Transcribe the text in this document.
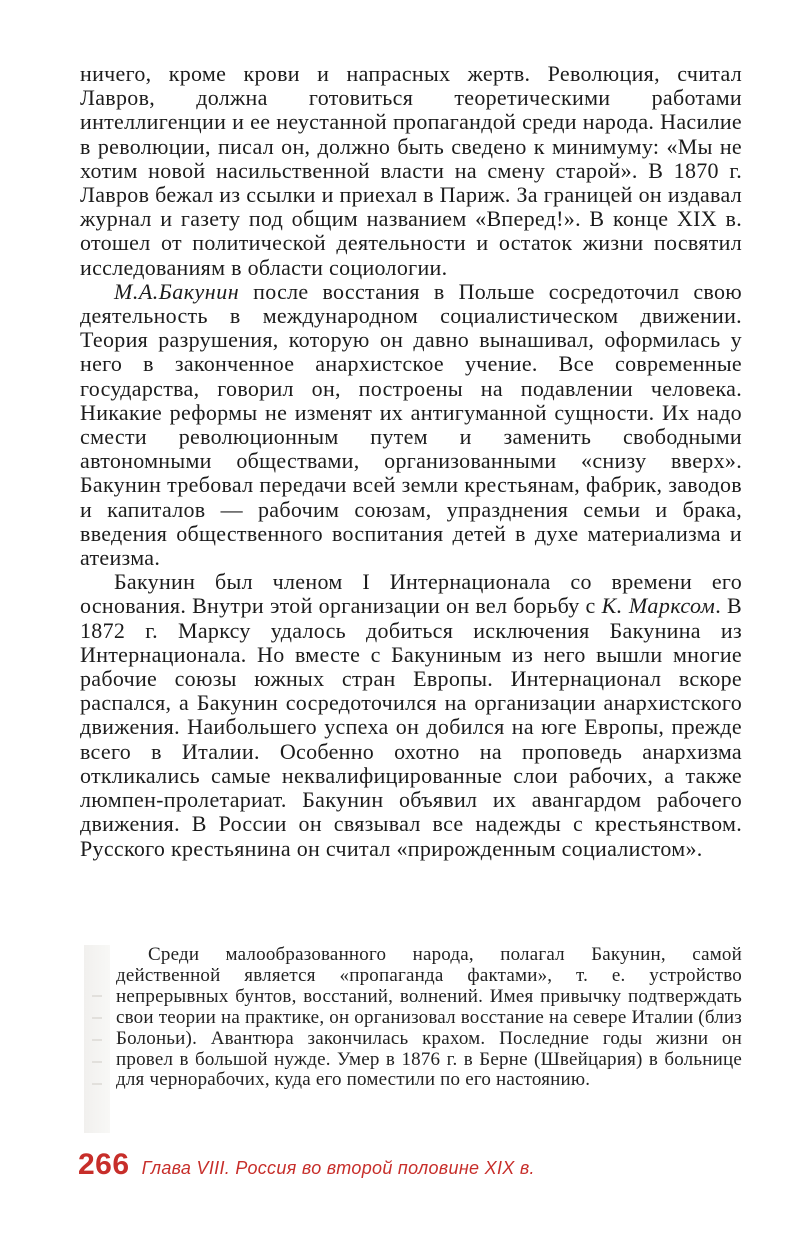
ничего, кроме крови и напрасных жертв. Революция, считал Лавров, должна готовиться теоретическими работами интеллигенции и ее неустанной пропагандой среди народа. Насилие в революции, писал он, должно быть сведено к минимуму: «Мы не хотим новой насильственной власти на смену старой». В 1870 г. Лавров бежал из ссылки и приехал в Париж. За границей он издавал журнал и газету под общим названием «Вперед!». В конце XIX в. отошел от политической деятельности и остаток жизни посвятил исследованиям в области социологии.

М.А.Бакунин после восстания в Польше сосредоточил свою деятельность в международном социалистическом движении. Теория разрушения, которую он давно вынашивал, оформилась у него в законченное анархистское учение. Все современные государства, говорил он, построены на подавлении человека. Никакие реформы не изменят их антигуманной сущности. Их надо смести революционным путем и заменить свободными автономными обществами, организованными «снизу вверх». Бакунин требовал передачи всей земли крестьянам, фабрик, заводов и капиталов — рабочим союзам, упразднения семьи и брака, введения общественного воспитания детей в духе материализма и атеизма.

Бакунин был членом I Интернационала со времени его основания. Внутри этой организации он вел борьбу с К. Марксом. В 1872 г. Марксу удалось добиться исключения Бакунина из Интернационала. Но вместе с Бакуниным из него вышли многие рабочие союзы южных стран Европы. Интернационал вскоре распался, а Бакунин сосредоточился на организации анархистского движения. Наибольшего успеха он добился на юге Европы, прежде всего в Италии. Особенно охотно на проповедь анархизма откликались самые неквалифицированные слои рабочих, а также люмпен-пролетариат. Бакунин объявил их авангардом рабочего движения. В России он связывал все надежды с крестьянством. Русского крестьянина он считал «прирожденным социалистом».

Среди малообразованного народа, полагал Бакунин, самой действенной является «пропаганда фактами», т. е. устройство непрерывных бунтов, восстаний, волнений. Имея привычку подтверждать свои теории на практике, он организовал восстание на севере Италии (близ Болоньи). Авантюра закончилась крахом. Последние годы жизни он провел в большой нужде. Умер в 1876 г. в Берне (Швейцария) в больнице для чернорабочих, куда его поместили по его настоянию.

266 Глава VIII. Россия во второй половине XIX в.
